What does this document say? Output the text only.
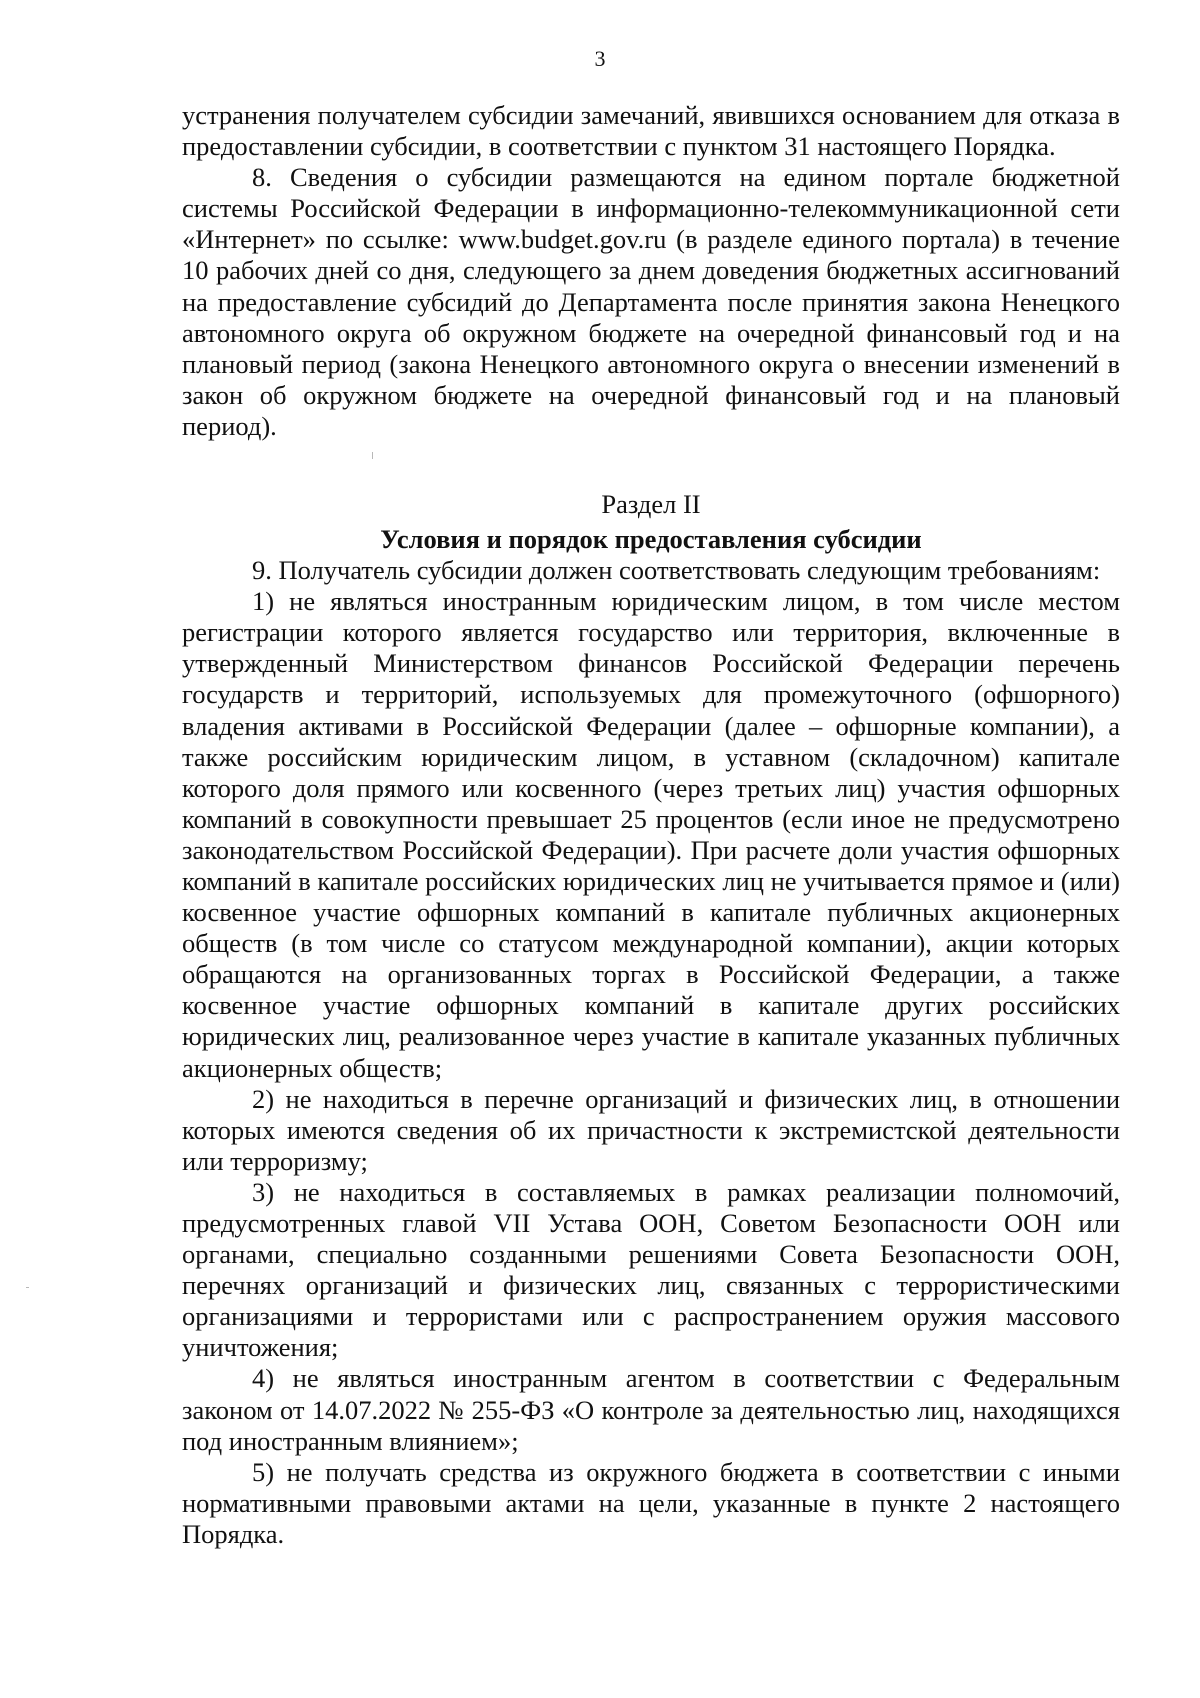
3

устранения получателем субсидии замечаний, явившихся основанием для отказа в предоставлении субсидии, в соответствии с пунктом 31 настоящего Порядка.

8. Сведения о субсидии размещаются на едином портале бюджетной системы Российской Федерации в информационно-телекоммуникационной сети «Интернет» по ссылке: www.budget.gov.ru (в разделе единого портала) в течение 10 рабочих дней со дня, следующего за днем доведения бюджетных ассигнований на предоставление субсидий до Департамента после принятия закона Ненецкого автономного округа об окружном бюджете на очередной финансовый год и на плановый период (закона Ненецкого автономного округа о внесении изменений в закон об окружном бюджете на очередной финансовый год и на плановый период).

Раздел II
Условия и порядок предоставления субсидии

9. Получатель субсидии должен соответствовать следующим требованиям:

1) не являться иностранным юридическим лицом, в том числе местом регистрации которого является государство или территория, включенные в утвержденный Министерством финансов Российской Федерации перечень государств и территорий, используемых для промежуточного (офшорного) владения активами в Российской Федерации (далее – офшорные компании), а также российским юридическим лицом, в уставном (складочном) капитале которого доля прямого или косвенного (через третьих лиц) участия офшорных компаний в совокупности превышает 25 процентов (если иное не предусмотрено законодательством Российской Федерации). При расчете доли участия офшорных компаний в капитале российских юридических лиц не учитывается прямое и (или) косвенное участие офшорных компаний в капитале публичных акционерных обществ (в том числе со статусом международной компании), акции которых обращаются на организованных торгах в Российской Федерации, а также косвенное участие офшорных компаний в капитале других российских юридических лиц, реализованное через участие в капитале указанных публичных акционерных обществ;

2) не находиться в перечне организаций и физических лиц, в отношении которых имеются сведения об их причастности к экстремистской деятельности или терроризму;

3) не находиться в составляемых в рамках реализации полномочий, предусмотренных главой VII Устава ООН, Советом Безопасности ООН или органами, специально созданными решениями Совета Безопасности ООН, перечнях организаций и физических лиц, связанных с террористическими организациями и террористами или с распространением оружия массового уничтожения;

4) не являться иностранным агентом в соответствии с Федеральным законом от 14.07.2022 № 255-ФЗ «О контроле за деятельностью лиц, находящихся под иностранным влиянием»;

5) не получать средства из окружного бюджета в соответствии с иными нормативными правовыми актами на цели, указанные в пункте 2 настоящего Порядка.
